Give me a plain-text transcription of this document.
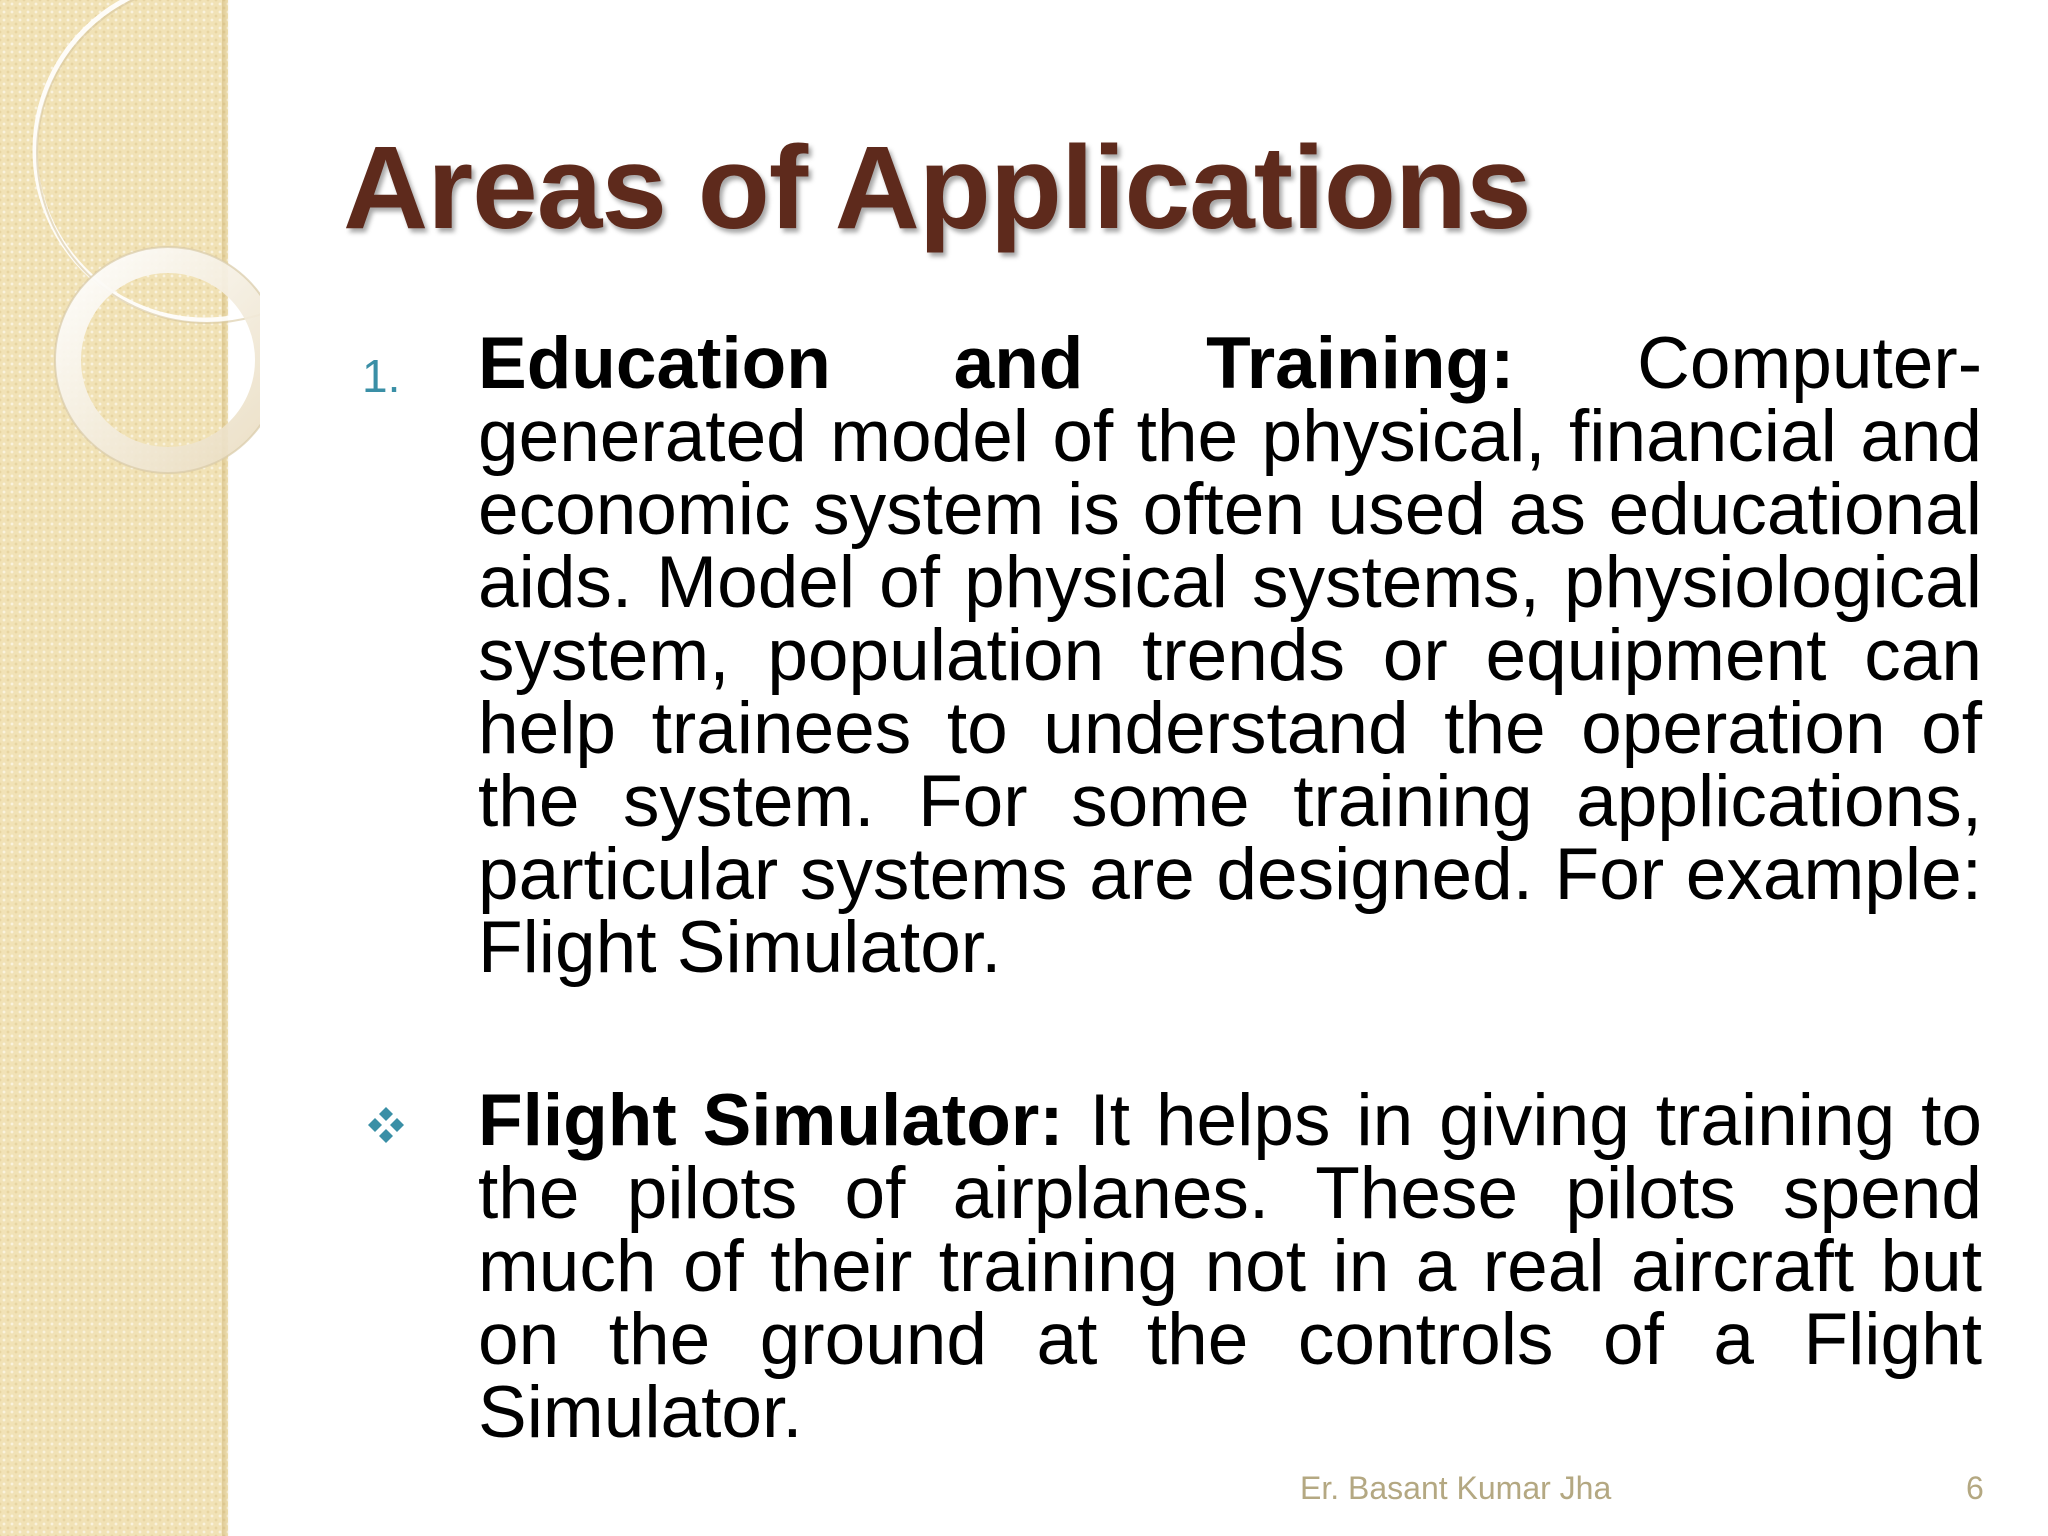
Areas of Applications
1. Education and Training: Computer-generated model of the physical, financial and economic system is often used as educational aids. Model of physical systems, physiological system, population trends or equipment can help trainees to understand the operation of the system. For some training applications, particular systems are designed. For example: Flight Simulator.

Flight Simulator: It helps in giving training to the pilots of airplanes. These pilots spend much of their training not in a real aircraft but on the ground at the controls of a Flight Simulator.

Er. Basant Kumar Jha	6
